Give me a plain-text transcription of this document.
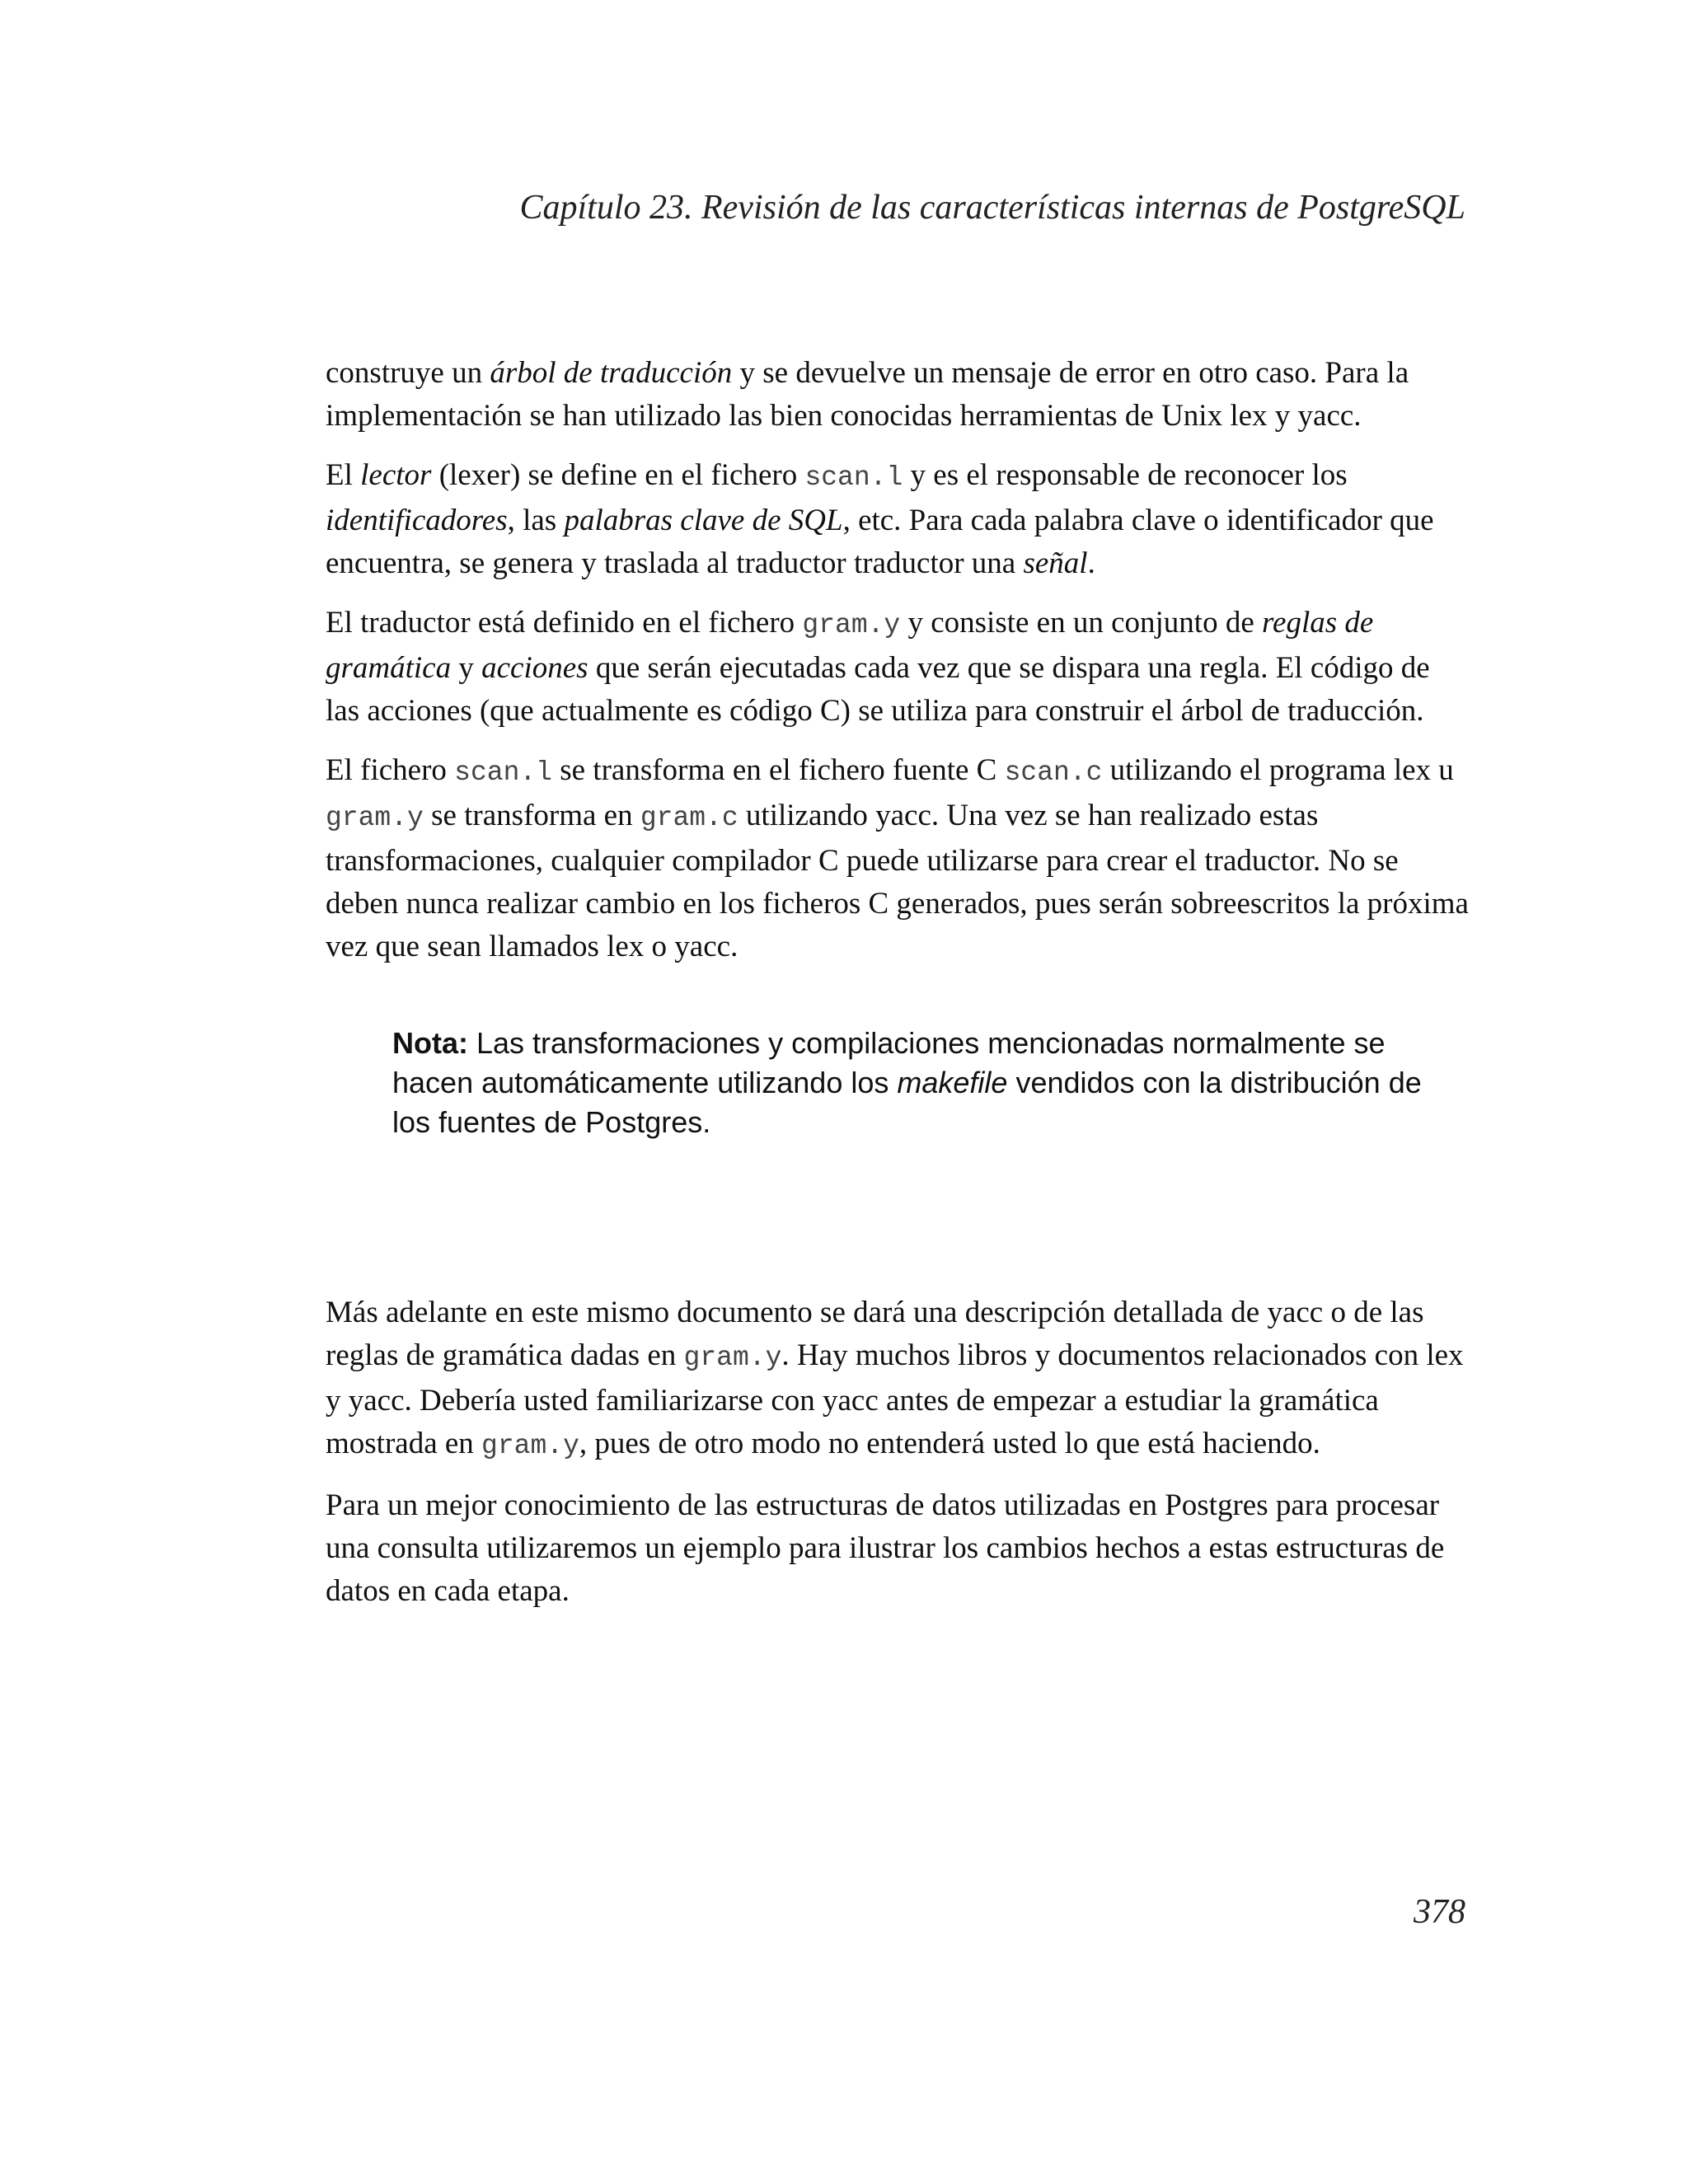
Capítulo 23. Revisión de las características internas de PostgreSQL

construye un árbol de traducción y se devuelve un mensaje de error en otro caso. Para la implementación se han utilizado las bien conocidas herramientas de Unix lex y yacc.

El lector (lexer) se define en el fichero scan.l y es el responsable de reconocer los identificadores, las palabras clave de SQL, etc. Para cada palabra clave o identificador que encuentra, se genera y traslada al traductor traductor una señal.

El traductor está definido en el fichero gram.y y consiste en un conjunto de reglas de gramática y acciones que serán ejecutadas cada vez que se dispara una regla. El código de las acciones (que actualmente es código C) se utiliza para construir el árbol de traducción.

El fichero scan.l se transforma en el fichero fuente C scan.c utilizando el programa lex u gram.y se transforma en gram.c utilizando yacc. Una vez se han realizado estas transformaciones, cualquier compilador C puede utilizarse para crear el traductor. No se deben nunca realizar cambio en los ficheros C generados, pues serán sobreescritos la próxima vez que sean llamados lex o yacc.

Nota: Las transformaciones y compilaciones mencionadas normalmente se hacen automáticamente utilizando los makefile vendidos con la distribución de los fuentes de Postgres.

Más adelante en este mismo documento se dará una descripción detallada de yacc o de las reglas de gramática dadas en gram.y. Hay muchos libros y documentos relacionados con lex y yacc. Debería usted familiarizarse con yacc antes de empezar a estudiar la gramática mostrada en gram.y, pues de otro modo no entenderá usted lo que está haciendo.

Para un mejor conocimiento de las estructuras de datos utilizadas en Postgres para procesar una consulta utilizaremos un ejemplo para ilustrar los cambios hechos a estas estructuras de datos en cada etapa.

378
